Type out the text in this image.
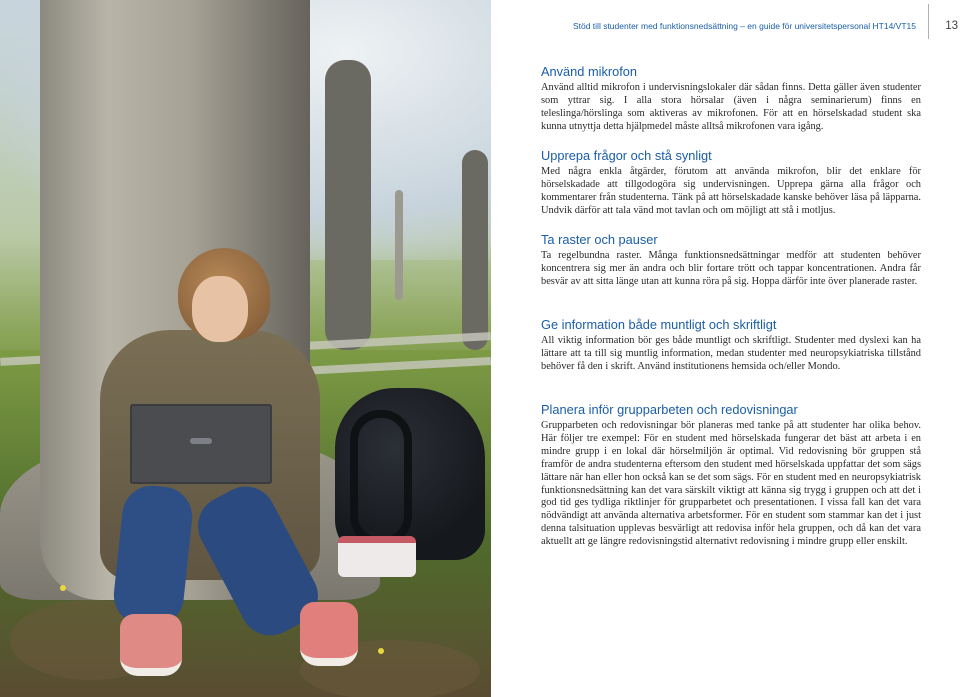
Stöd till studenter med funktionsnedsättning – en guide för universitetspersonal HT14/VT15	13
Använd mikrofon

Använd alltid mikrofon i undervisningslokaler där sådan finns. Detta gäller även studenter som yttrar sig. I alla stora hörsalar (även i några seminarierum) finns en teleslinga/hörslinga som aktiveras av mikrofonen. För att en hörselskadad student ska kunna utnyttja detta hjälpmedel måste alltså mikrofonen vara igång.

Upprepa frågor och stå synligt

Med några enkla åtgärder, förutom att använda mikrofon, blir det enklare för hörselskadade att tillgodogöra sig undervisningen. Upprepa gärna alla frågor och kommentarer från studenterna. Tänk på att hörselskadade kanske behöver läsa på läpparna. Undvik därför att tala vänd mot tavlan och om möjligt att stå i motljus.

Ta raster och pauser

Ta regelbundna raster. Många funktionsnedsättningar medför att studenten behöver koncentrera sig mer än andra och blir fortare trött och tappar koncentrationen. Andra får besvär av att sitta länge utan att kunna röra på sig. Hoppa därför inte över planerade raster.

Ge information både muntligt och skriftligt

All viktig information bör ges både muntligt och skriftligt. Studenter med dyslexi kan ha lättare att ta till sig muntlig information, medan studenter med neuropsykiatriska tillstånd behöver få den i skrift. Använd institutionens hemsida och/eller Mondo.

Planera inför grupparbeten och redovisningar

Grupparbeten och redovisningar bör planeras med tanke på att studenter har olika behov. Här följer tre exempel: För en student med hörselskada fungerar det bäst att arbeta i en mindre grupp i en lokal där hörselmiljön är optimal. Vid redovisning bör gruppen stå framför de andra studenterna eftersom den student med hörselskada uppfattar det som sägs lättare när han eller hon också kan se det som sägs. För en student med en neuropsykiatrisk funktionsnedsättning kan det vara särskilt viktigt att känna sig trygg i gruppen och att det i god tid ges tydliga riktlinjer för grupparbetet och presentationen. I vissa fall kan det vara nödvändigt att använda alternativa arbetsformer. För en student som stammar kan det i just denna talsituation upplevas besvärligt att redovisa inför hela gruppen, och då kan det vara aktuellt att ge längre redovisningstid alternativt redovisning i mindre grupp eller enskilt.
